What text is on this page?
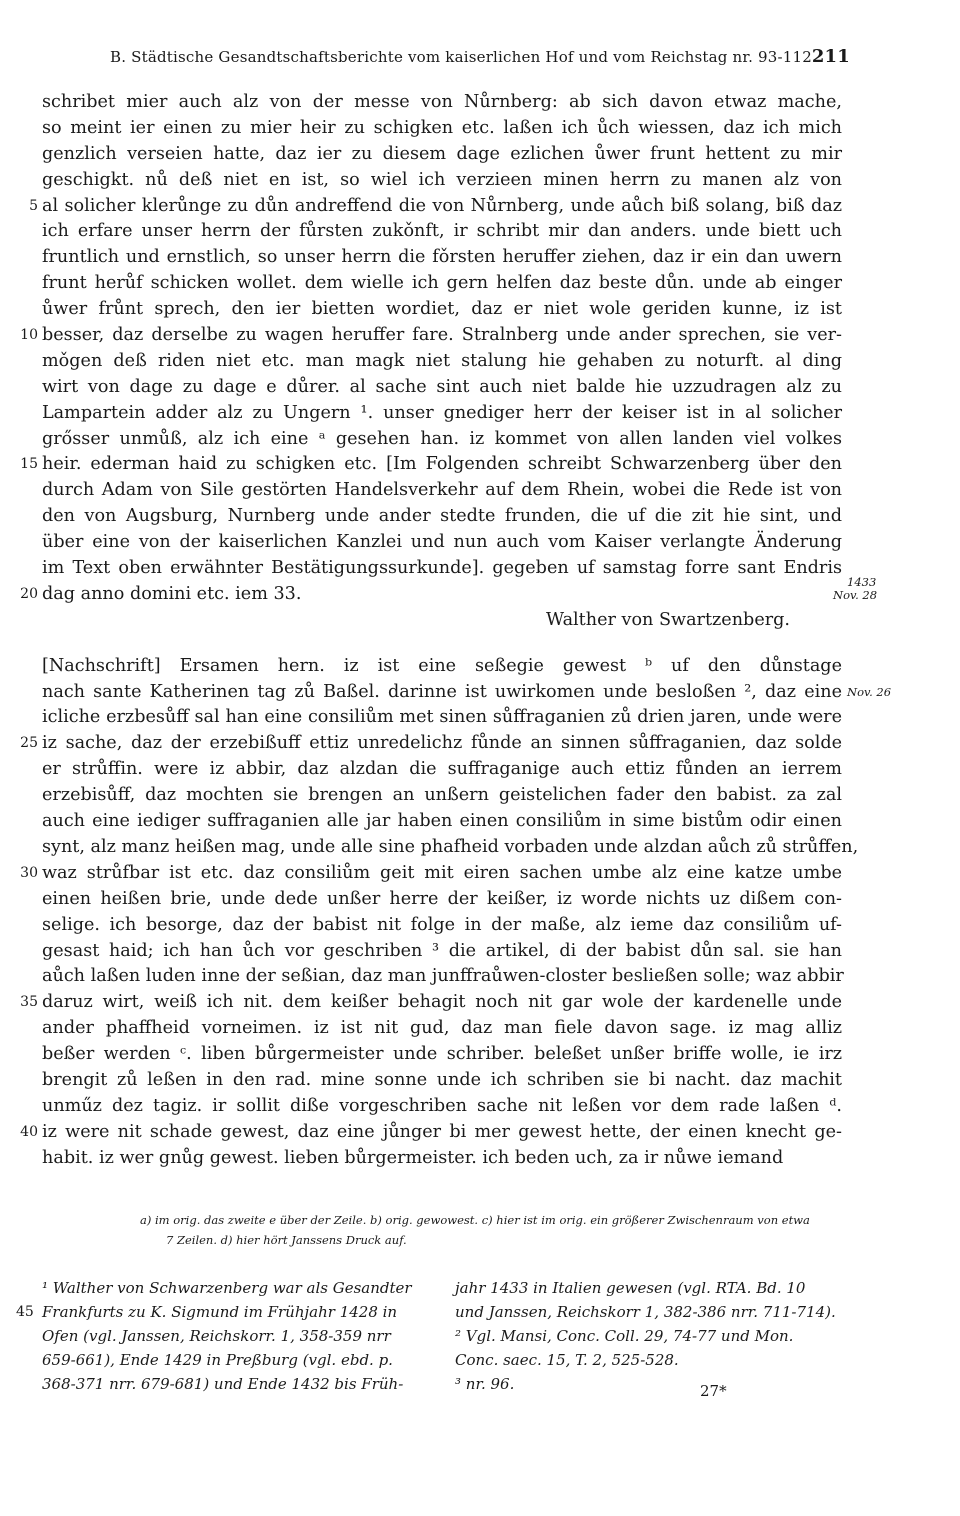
B. Städtische Gesandtschaftsberichte vom kaiserlichen Hof und vom Reichstag nr. 93-112.
211
schribet mier auch alz von der messe von Nůrnberg: ab sich davon etwaz mache,
so meint ier einen zu mier heir zu schigken etc. laßen ich ůch wiessen, daz ich mich
genzlich verseien hatte, daz ier zu diesem dage ezlichen ůwer frunt hettent zu mir
geschigkt. nů deß niet en ist, so wiel ich verzieen minen herrn zu manen alz von
5 al solicher klerůnge zu důn andreffend die von Nůrnberg, unde aůch biß solang, biß daz
ich erfare unser herrn der fůrsten zukǒnft, ir schribt mir dan anders. unde biett uch
fruntlich und ernstlich, so unser herrn die fǒrsten heruffer ziehen, daz ir ein dan uwern
frunt herůf schicken wollet. dem wielle ich gern helfen daz beste důn. unde ab einger
ůwer frůnt sprech, den ier bietten wordiet, daz er niet wole geriden kunne, iz ist
10 besser, daz derselbe zu wagen heruffer fare. Stralnberg unde ander sprechen, sie ver-
mǒgen deß riden niet etc. man magk niet stalung hie gehaben zu noturft. al ding
wirt von dage zu dage e důrer. al sache sint auch niet balde hie uzzudragen alz zu
Lampartein adder alz zu Ungern ¹. unser gnediger herr der keiser ist in al solicher
grősser unmůß, alz ich eine ᵃ gesehen han. iz kommet von allen landen viel volkes
15 heir. ederman haid zu schigken etc. [Im Folgenden schreibt Schwarzenberg über den
durch Adam von Sile gestörten Handelsverkehr auf dem Rhein, wobei die Rede ist von
den von Augsburg, Nurnberg unde ander stedte frunden, die uf die zit hie sint, und
über eine von der kaiserlichen Kanzlei und nun auch vom Kaiser verlangte Änderung
im Text oben erwähnter Bestätigungssurkunde]. gegeben uf samstag forre sant Endris
1433
Nov. 28
20 dag anno domini etc. iem 33.
Walther von Swartzenberg.
[Nachschrift] Ersamen hern. iz ist eine seßegie gewest ᵇ uf den důnstage
Nov. 26
nach sante Katherinen tag zů Baßel. darinne ist uwirkomen unde besloßen ², daz eine
icliche erzbesůff sal han eine consiliům met sinen sůffraganien zů drien jaren, unde were
25 iz sache, daz der erzebißuff ettiz unredelichz fůnde an sinnen sůffraganien, daz solde
er strůffin. were iz abbir, daz alzdan die suffraganige auch ettiz fůnden an ierrem
erzebisůff, daz mochten sie brengen an unßern geistelichen fader den babist. za zal
auch eine iediger suffraganien alle jar haben einen consiliům in sime bistům odir einen
synt, alz manz heißen mag, unde alle sine phafheid vorbaden unde alzdan aůch zů strůffen,
30 waz strůfbar ist etc. daz consiliům geit mit eiren sachen umbe alz eine katze umbe
einen heißen brie, unde dede unßer herre der keißer, iz worde nichts uz dißem con-
selige. ich besorge, daz der babist nit folge in der maße, alz ieme daz consiliům uf-
gesast haid; ich han ůch vor geschriben ³ die artikel, di der babist důn sal. sie han
aůch laßen luden inne der seßian, daz man junffraůwen-closter besließen solle; waz abbir
35 daruz wirt, weiß ich nit. dem keißer behagit noch nit gar wole der kardenelle unde
ander phaffheid vorneimen. iz ist nit gud, daz man fiele davon sage. iz mag alliz
beßer werden ᶜ. liben bůrgermeister unde schriber. beleßet unßer briffe wolle, ie irz
brengit zů leßen in den rad. mine sonne unde ich schriben sie bi nacht. daz machit
unműz dez tagiz. ir sollit diße vorgeschriben sache nit leßen vor dem rade laßen ᵈ.
40 iz were nit schade gewest, daz eine jůnger bi mer gewest hette, der einen knecht ge-
habit. iz wer gnůg gewest. lieben bůrgermeister. ich beden uch, za ir nůwe iemand
a) im orig. das zweite e über der Zeile. b) orig. gewowest. c) hier ist im orig. ein größerer Zwischenraum von etwa
7 Zeilen. d) hier hört Janssens Druck auf.
¹ Walther von Schwarzenberg war als Gesandter
45 Frankfurts zu K. Sigmund im Frühjahr 1428 in
Ofen (vgl. Janssen, Reichskorr. 1, 358-359 nrr
659-661), Ende 1429 in Preßburg (vgl. ebd. p.
368-371 nrr. 679-681) und Ende 1432 bis Früh-
jahr 1433 in Italien gewesen (vgl. RTA. Bd. 10
und Janssen, Reichskorr 1, 382-386 nrr. 711-714).
² Vgl. Mansi, Conc. Coll. 29, 74-77 und Mon.
Conc. saec. 15, T. 2, 525-528.
³ nr. 96.	27*
